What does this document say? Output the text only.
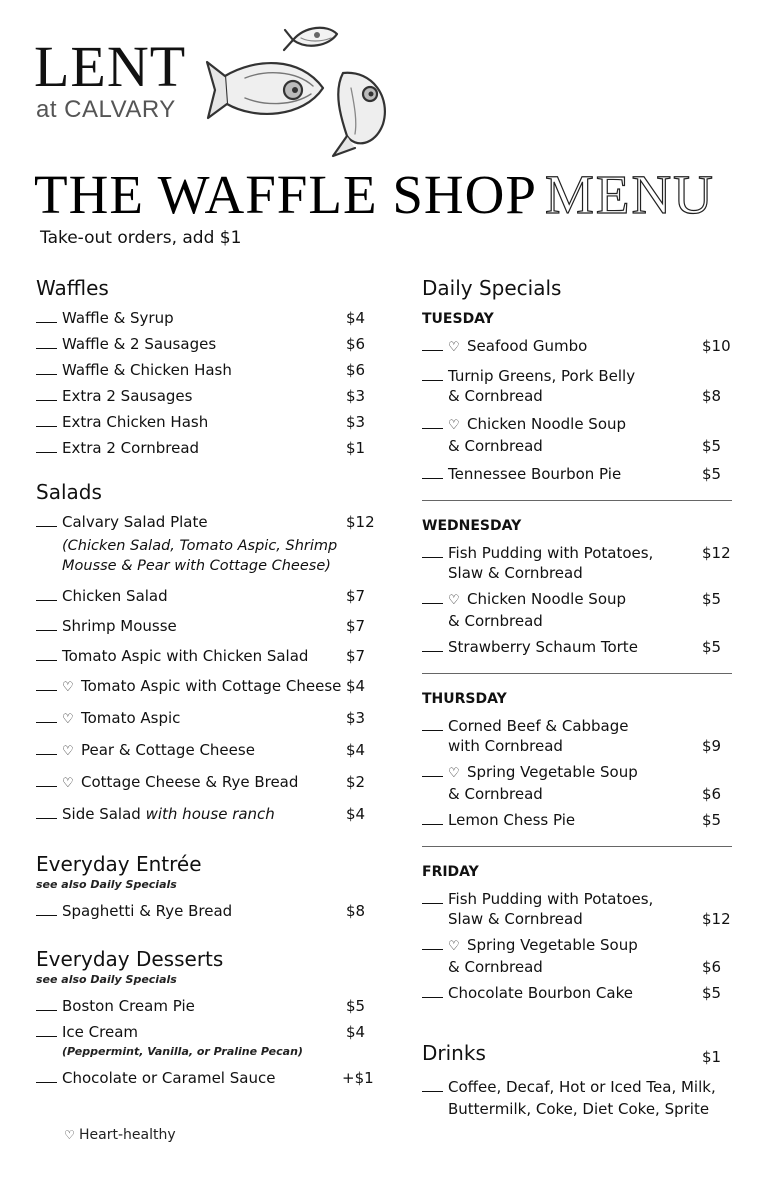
LENT
at CALVARY
THE WAFFLE SHOP MENU
Take-out orders, add $1
Waffles
Waffle & Syrup	$4
Waffle & 2 Sausages	$6
Waffle & Chicken Hash	$6
Extra 2 Sausages	$3
Extra Chicken Hash	$3
Extra 2 Cornbread	$1
Salads
Calvary Salad Plate	$12
(Chicken Salad, Tomato Aspic, Shrimp Mousse & Pear with Cottage Cheese)
Chicken Salad	$7
Shrimp Mousse	$7
Tomato Aspic with Chicken Salad	$7
♡ Tomato Aspic with Cottage Cheese $4
♡ Tomato Aspic	$3
♡ Pear & Cottage Cheese	$4
♡ Cottage Cheese & Rye Bread	$2
Side Salad with house ranch	$4
Everyday Entrée
see also Daily Specials
Spaghetti & Rye Bread	$8
Everyday Desserts
see also Daily Specials
Boston Cream Pie	$5
Ice Cream	$4
(Peppermint, Vanilla, or Praline Pecan)
Chocolate or Caramel Sauce	+$1
Daily Specials
TUESDAY
♡ Seafood Gumbo	$10
Turnip Greens, Pork Belly
& Cornbread	$8
♡ Chicken Noodle Soup
& Cornbread	$5
Tennessee Bourbon Pie	$5
WEDNESDAY
Fish Pudding with Potatoes,	$12
Slaw & Cornbread
♡ Chicken Noodle Soup	$5
& Cornbread
Strawberry Schaum Torte	$5
THURSDAY
Corned Beef & Cabbage
with Cornbread	$9
♡ Spring Vegetable Soup
& Cornbread	$6
Lemon Chess Pie	$5
FRIDAY
Fish Pudding with Potatoes,
Slaw & Cornbread	$12
♡ Spring Vegetable Soup
& Cornbread	$6
Chocolate Bourbon Cake	$5
Drinks	$1
Coffee, Decaf, Hot or Iced Tea, Milk,
Buttermilk, Coke, Diet Coke, Sprite
♡ Heart-healthy
